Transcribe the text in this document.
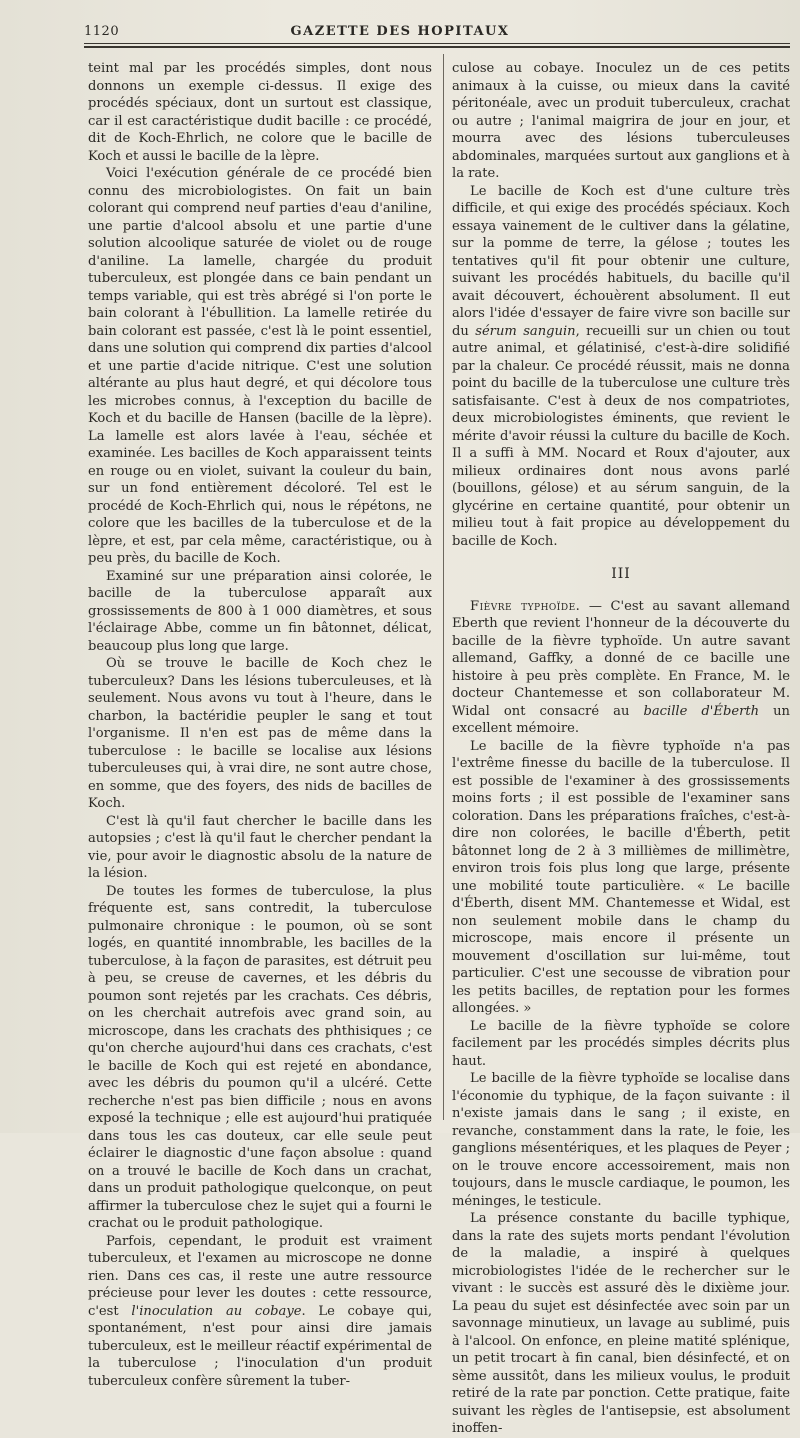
1120	GAZETTE DES HOPITAUX

teint mal par les procédés simples, dont nous donnons un exemple ci-dessus. Il exige des procédés spéciaux, dont un surtout est classique, car il est caractéristique dudit bacille : ce procédé, dit de Koch-Ehrlich, ne colore que le bacille de Koch et aussi le bacille de la lèpre.

Voici l'exécution générale de ce procédé bien connu des microbiologistes. On fait un bain colorant qui comprend neuf parties d'eau d'aniline, une partie d'alcool absolu et une partie d'une solution alcoolique saturée de violet ou de rouge d'aniline. La lamelle, chargée du produit tuberculeux, est plongée dans ce bain pendant un temps variable, qui est très abrégé si l'on porte le bain colorant à l'ébullition. La lamelle retirée du bain colorant est passée, c'est là le point essentiel, dans une solution qui comprend dix parties d'alcool et une partie d'acide nitrique. C'est une solution altérante au plus haut degré, et qui décolore tous les microbes connus, à l'exception du bacille de Koch et du bacille de Hansen (bacille de la lèpre). La lamelle est alors lavée à l'eau, séchée et examinée. Les bacilles de Koch apparaissent teints en rouge ou en violet, suivant la couleur du bain, sur un fond entièrement décoloré. Tel est le procédé de Koch-Ehrlich qui, nous le répétons, ne colore que les bacilles de la tuberculose et de la lèpre, et est, par cela même, caractéristique, ou à peu près, du bacille de Koch.

Examiné sur une préparation ainsi colorée, le bacille de la tuberculose apparaît aux grossissements de 800 à 1 000 diamètres, et sous l'éclairage Abbe, comme un fin bâtonnet, délicat, beaucoup plus long que large.

Où se trouve le bacille de Koch chez le tuberculeux? Dans les lésions tuberculeuses, et là seulement. Nous avons vu tout à l'heure, dans le charbon, la bactéridie peupler le sang et tout l'organisme. Il n'en est pas de même dans la tuberculose : le bacille se localise aux lésions tuberculeuses qui, à vrai dire, ne sont autre chose, en somme, que des foyers, des nids de bacilles de Koch.

C'est là qu'il faut chercher le bacille dans les autopsies ; c'est là qu'il faut le chercher pendant la vie, pour avoir le diagnostic absolu de la nature de la lésion.

De toutes les formes de tuberculose, la plus fréquente est, sans contredit, la tuberculose pulmonaire chronique : le poumon, où se sont logés, en quantité innombrable, les bacilles de la tuberculose, à la façon de parasites, est détruit peu à peu, se creuse de cavernes, et les débris du poumon sont rejetés par les crachats. Ces débris, on les cherchait autrefois avec grand soin, au microscope, dans les crachats des phthisiques ; ce qu'on cherche aujourd'hui dans ces crachats, c'est le bacille de Koch qui est rejeté en abondance, avec les débris du poumon qu'il a ulcéré. Cette recherche n'est pas bien difficile ; nous en avons exposé la technique ; elle est aujourd'hui pratiquée dans tous les cas douteux, car elle seule peut éclairer le diagnostic d'une façon absolue : quand on a trouvé le bacille de Koch dans un crachat, dans un produit pathologique quelconque, on peut affirmer la tuberculose chez le sujet qui a fourni le crachat ou le produit pathologique.

Parfois, cependant, le produit est vraiment tuberculeux, et l'examen au microscope ne donne rien. Dans ces cas, il reste une autre ressource précieuse pour lever les doutes : cette ressource, c'est l'inoculation au cobaye. Le cobaye qui, spontanément, n'est pour ainsi dire jamais tuberculeux, est le meilleur réactif expérimental de la tuberculose ; l'inoculation d'un produit tuberculeux confère sûrement la tuber-

culose au cobaye. Inoculez un de ces petits animaux à la cuisse, ou mieux dans la cavité péritonéale, avec un produit tuberculeux, crachat ou autre ; l'animal maigrira de jour en jour, et mourra avec des lésions tuberculeuses abdominales, marquées surtout aux ganglions et à la rate.

Le bacille de Koch est d'une culture très difficile, et qui exige des procédés spéciaux. Koch essaya vainement de le cultiver dans la gélatine, sur la pomme de terre, la gélose ; toutes les tentatives qu'il fit pour obtenir une culture, suivant les procédés habituels, du bacille qu'il avait découvert, échouèrent absolument. Il eut alors l'idée d'essayer de faire vivre son bacille sur du sérum sanguin, recueilli sur un chien ou tout autre animal, et gélatinisé, c'est-à-dire solidifié par la chaleur. Ce procédé réussit, mais ne donna point du bacille de la tuberculose une culture très satisfaisante. C'est à deux de nos compatriotes, deux microbiologistes éminents, que revient le mérite d'avoir réussi la culture du bacille de Koch. Il a suffi à MM. Nocard et Roux d'ajouter, aux milieux ordinaires dont nous avons parlé (bouillons, gélose) et au sérum sanguin, de la glycérine en certaine quantité, pour obtenir un milieu tout à fait propice au développement du bacille de Koch.

III

Fièvre typhoïde. — C'est au savant allemand Eberth que revient l'honneur de la découverte du bacille de la fièvre typhoïde. Un autre savant allemand, Gaffky, a donné de ce bacille une histoire à peu près complète. En France, M. le docteur Chantemesse et son collaborateur M. Widal ont consacré au bacille d'Éberth un excellent mémoire.

Le bacille de la fièvre typhoïde n'a pas l'extrême finesse du bacille de la tuberculose. Il est possible de l'examiner à des grossissements moins forts ; il est possible de l'examiner sans coloration. Dans les préparations fraîches, c'est-à-dire non colorées, le bacille d'Éberth, petit bâtonnet long de 2 à 3 millièmes de millimètre, environ trois fois plus long que large, présente une mobilité toute particulière. « Le bacille d'Éberth, disent MM. Chantemesse et Widal, est non seulement mobile dans le champ du microscope, mais encore il présente un mouvement d'oscillation sur lui-même, tout particulier. C'est une secousse de vibration pour les petits bacilles, de reptation pour les formes allongées. »

Le bacille de la fièvre typhoïde se colore facilement par les procédés simples décrits plus haut.

Le bacille de la fièvre typhoïde se localise dans l'économie du typhique, de la façon suivante : il n'existe jamais dans le sang ; il existe, en revanche, constamment dans la rate, le foie, les ganglions mésentériques, et les plaques de Peyer ; on le trouve encore accessoirement, mais non toujours, dans le muscle cardiaque, le poumon, les méninges, le testicule.

La présence constante du bacille typhique, dans la rate des sujets morts pendant l'évolution de la maladie, a inspiré à quelques microbiologistes l'idée de le rechercher sur le vivant : le succès est assuré dès le dixième jour. La peau du sujet est désinfectée avec soin par un savonnage minutieux, un lavage au sublimé, puis à l'alcool. On enfonce, en pleine matité splénique, un petit trocart à fin canal, bien désinfecté, et on sème aussitôt, dans les milieux voulus, le produit retiré de la rate par ponction. Cette pratique, faite suivant les règles de l'antisepsie, est absolument inoffen-
